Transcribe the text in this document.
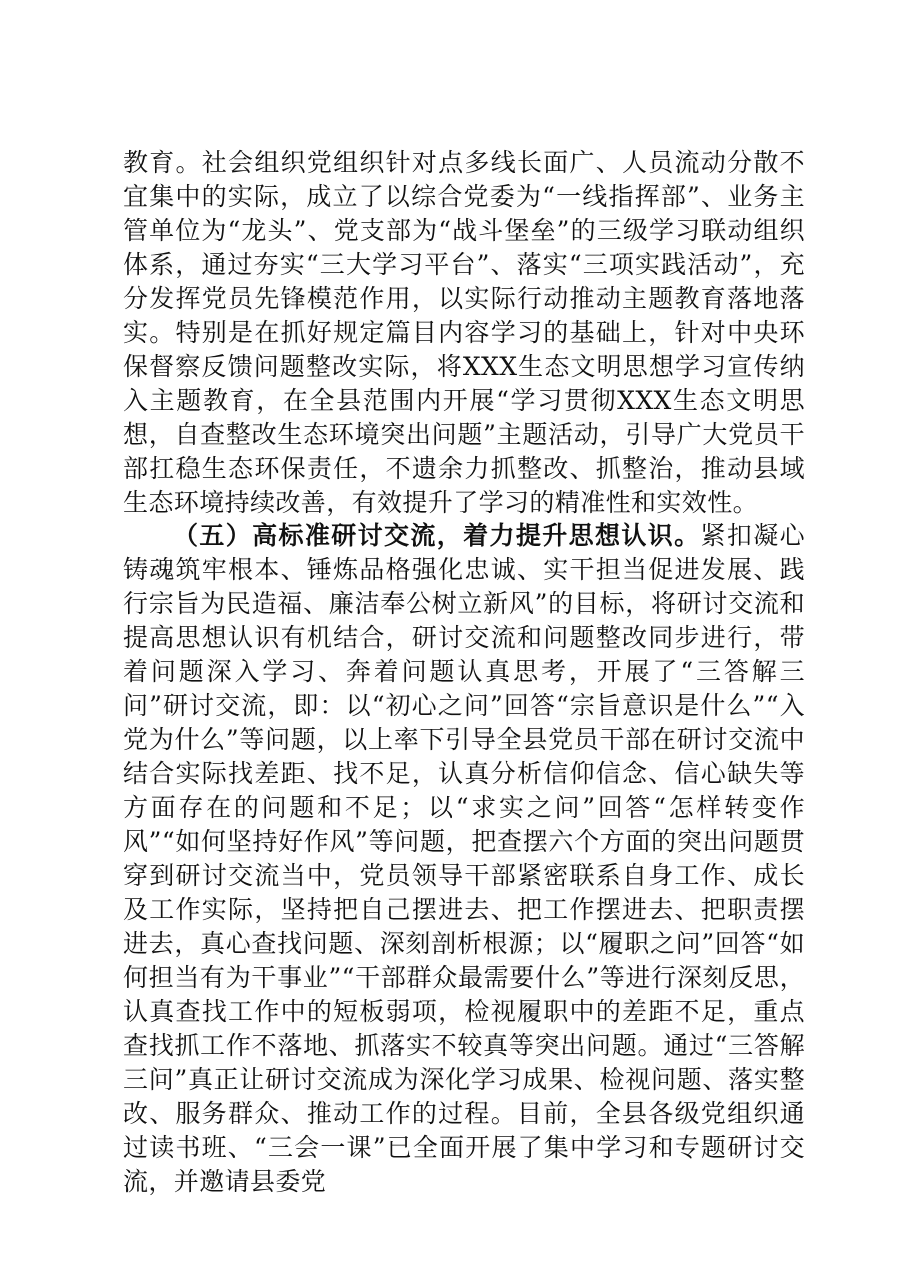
教育。社会组织党组织针对点多线长面广、人员流动分散不宜集中的实际，成立了以综合党委为“一线指挥部”、业务主管单位为“龙头”、党支部为“战斗堡垒”的三级学习联动组织体系，通过夯实“三大学习平台”、落实“三项实践活动”，充分发挥党员先锋模范作用，以实际行动推动主题教育落地落实。特别是在抓好规定篇目内容学习的基础上，针对中央环保督察反馈问题整改实际，将XXX生态文明思想学习宣传纳入主题教育，在全县范围内开展“学习贯彻XXX生态文明思想，自查整改生态环境突出问题”主题活动，引导广大党员干部扛稳生态环保责任，不遗余力抓整改、抓整治，推动县域生态环境持续改善，有效提升了学习的精准性和实效性。
（五）高标准研讨交流，着力提升思想认识。紧扣凝心铸魂筑牢根本、锤炼品格强化忠诚、实干担当促进发展、践行宗旨为民造福、廉洁奉公树立新风”的目标，将研讨交流和提高思想认识有机结合，研讨交流和问题整改同步进行，带着问题深入学习、奔着问题认真思考，开展了“三答解三问”研讨交流，即：以“初心之问”回答“宗旨意识是什么”“入党为什么”等问题，以上率下引导全县党员干部在研讨交流中结合实际找差距、找不足，认真分析信仰信念、信心缺失等方面存在的问题和不足；以“求实之问”回答“怎样转变作风”“如何坚持好作风”等问题，把查摆六个方面的突出问题贯穿到研讨交流当中，党员领导干部紧密联系自身工作、成长及工作实际，坚持把自己摆进去、把工作摆进去、把职责摆进去，真心查找问题、深刻剖析根源；以“履职之问”回答“如何担当有为干事业”“干部群众最需要什么”等进行深刻反思，认真查找工作中的短板弱项，检视履职中的差距不足，重点查找抓工作不落地、抓落实不较真等突出问题。通过“三答解三问”真正让研讨交流成为深化学习成果、检视问题、落实整改、服务群众、推动工作的过程。目前，全县各级党组织通过读书班、“三会一课”已全面开展了集中学习和专题研讨交流，并邀请县委党
